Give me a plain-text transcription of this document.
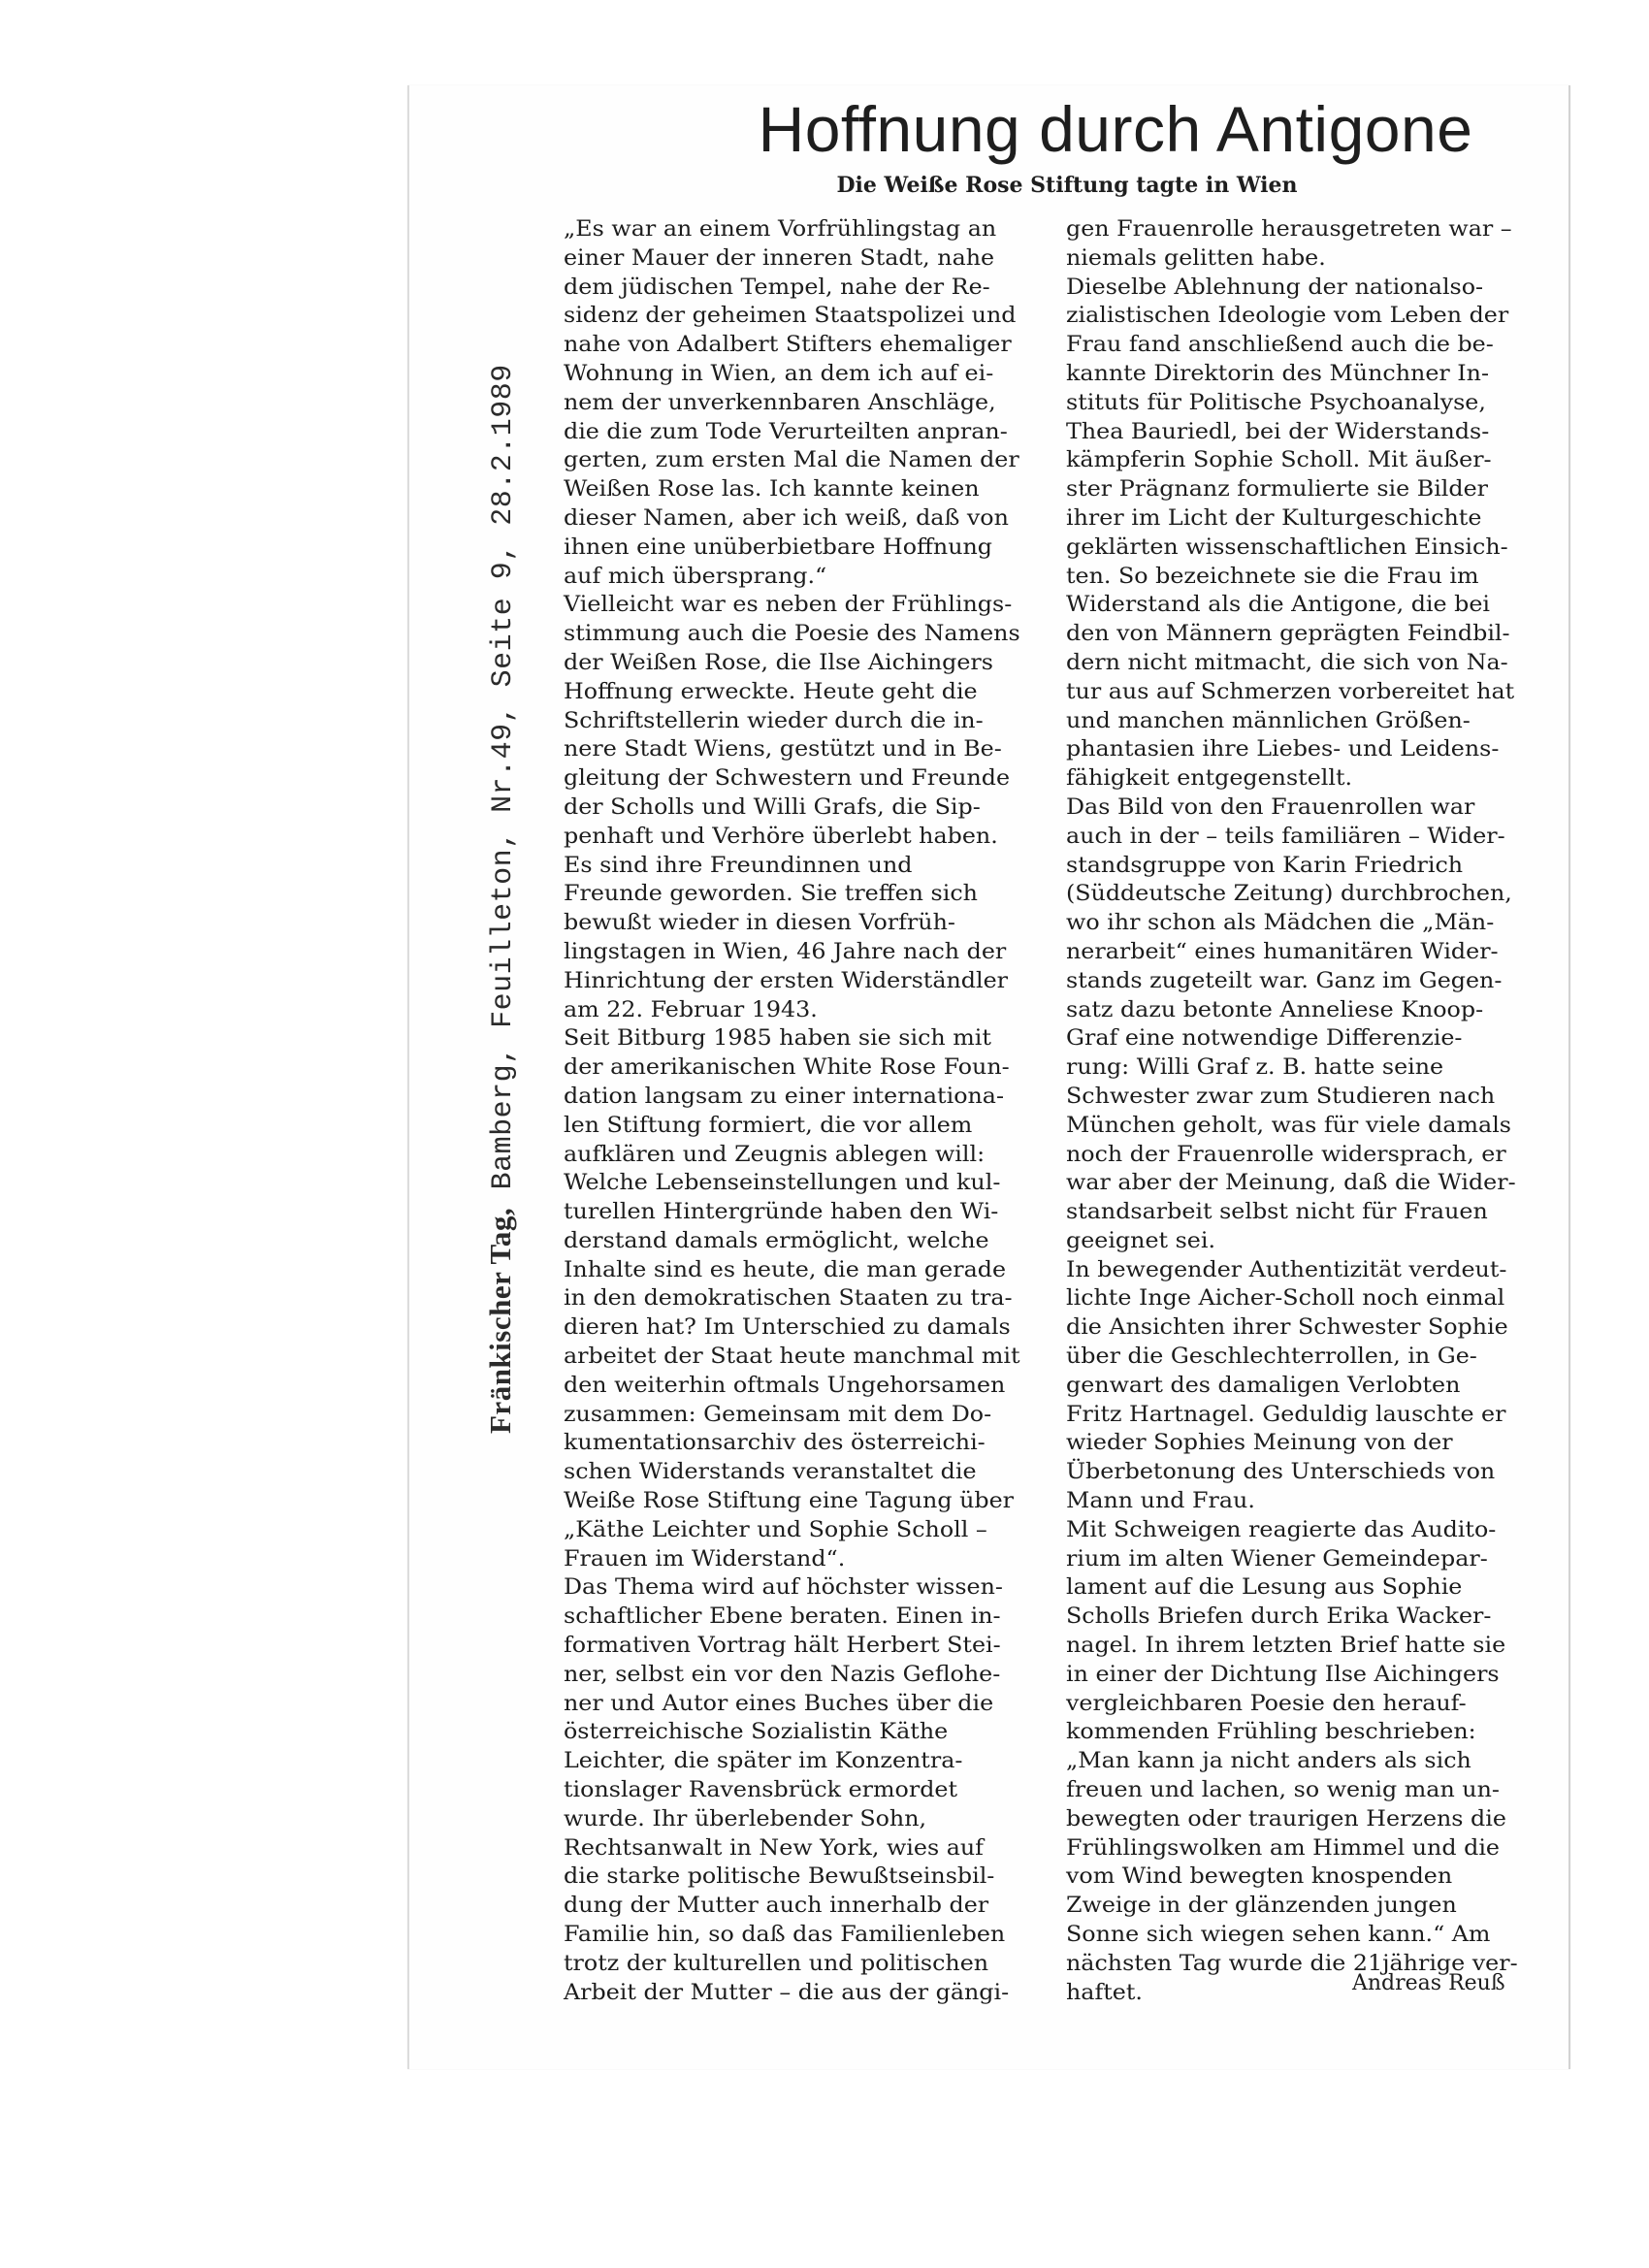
Fränkischer Tag, Bamberg, Feuilleton, Nr.49, Seite 9, 28.2.1989
Hoffnung durch Antigone
Die Weiße Rose Stiftung tagte in Wien
„Es war an einem Vorfrühlingstag an
einer Mauer der inneren Stadt, nahe
dem jüdischen Tempel, nahe der Re-
sidenz der geheimen Staatspolizei und
nahe von Adalbert Stifters ehemaliger
Wohnung in Wien, an dem ich auf ei-
nem der unverkennbaren Anschläge,
die die zum Tode Verurteilten anpran-
gerten, zum ersten Mal die Namen der
Weißen Rose las. Ich kannte keinen
dieser Namen, aber ich weiß, daß von
ihnen eine unüberbietbare Hoffnung
auf mich übersprang.“
Vielleicht war es neben der Frühlings-
stimmung auch die Poesie des Namens
der Weißen Rose, die Ilse Aichingers
Hoffnung erweckte. Heute geht die
Schriftstellerin wieder durch die in-
nere Stadt Wiens, gestützt und in Be-
gleitung der Schwestern und Freunde
der Scholls und Willi Grafs, die Sip-
penhaft und Verhöre überlebt haben.
Es sind ihre Freundinnen und
Freunde geworden. Sie treffen sich
bewußt wieder in diesen Vorfrüh-
lingstagen in Wien, 46 Jahre nach der
Hinrichtung der ersten Widerständler
am 22. Februar 1943.
Seit Bitburg 1985 haben sie sich mit
der amerikanischen White Rose Foun-
dation langsam zu einer internationa-
len Stiftung formiert, die vor allem
aufklären und Zeugnis ablegen will:
Welche Lebenseinstellungen und kul-
turellen Hintergründe haben den Wi-
derstand damals ermöglicht, welche
Inhalte sind es heute, die man gerade
in den demokratischen Staaten zu tra-
dieren hat? Im Unterschied zu damals
arbeitet der Staat heute manchmal mit
den weiterhin oftmals Ungehorsamen
zusammen: Gemeinsam mit dem Do-
kumentationsarchiv des österreichi-
schen Widerstands veranstaltet die
Weiße Rose Stiftung eine Tagung über
„Käthe Leichter und Sophie Scholl –
Frauen im Widerstand“.
Das Thema wird auf höchster wissen-
schaftlicher Ebene beraten. Einen in-
formativen Vortrag hält Herbert Stei-
ner, selbst ein vor den Nazis Geflohe-
ner und Autor eines Buches über die
österreichische Sozialistin Käthe
Leichter, die später im Konzentra-
tionslager Ravensbrück ermordet
wurde. Ihr überlebender Sohn,
Rechtsanwalt in New York, wies auf
die starke politische Bewußtseinsbil-
dung der Mutter auch innerhalb der
Familie hin, so daß das Familienleben
trotz der kulturellen und politischen
Arbeit der Mutter – die aus der gängi-
gen Frauenrolle herausgetreten war –
niemals gelitten habe.
Dieselbe Ablehnung der nationalso-
zialistischen Ideologie vom Leben der
Frau fand anschließend auch die be-
kannte Direktorin des Münchner In-
stituts für Politische Psychoanalyse,
Thea Bauriedl, bei der Widerstands-
kämpferin Sophie Scholl. Mit äußer-
ster Prägnanz formulierte sie Bilder
ihrer im Licht der Kulturgeschichte
geklärten wissenschaftlichen Einsich-
ten. So bezeichnete sie die Frau im
Widerstand als die Antigone, die bei
den von Männern geprägten Feindbil-
dern nicht mitmacht, die sich von Na-
tur aus auf Schmerzen vorbereitet hat
und manchen männlichen Größen-
phantasien ihre Liebes- und Leidens-
fähigkeit entgegenstellt.
Das Bild von den Frauenrollen war
auch in der – teils familiären – Wider-
standsgruppe von Karin Friedrich
(Süddeutsche Zeitung) durchbrochen,
wo ihr schon als Mädchen die „Män-
nerarbeit“ eines humanitären Wider-
stands zugeteilt war. Ganz im Gegen-
satz dazu betonte Anneliese Knoop-
Graf eine notwendige Differenzie-
rung: Willi Graf z. B. hatte seine
Schwester zwar zum Studieren nach
München geholt, was für viele damals
noch der Frauenrolle widersprach, er
war aber der Meinung, daß die Wider-
standsarbeit selbst nicht für Frauen
geeignet sei.
In bewegender Authentizität verdeut-
lichte Inge Aicher-Scholl noch einmal
die Ansichten ihrer Schwester Sophie
über die Geschlechterrollen, in Ge-
genwart des damaligen Verlobten
Fritz Hartnagel. Geduldig lauschte er
wieder Sophies Meinung von der
Überbetonung des Unterschieds von
Mann und Frau.
Mit Schweigen reagierte das Audito-
rium im alten Wiener Gemeindepar-
lament auf die Lesung aus Sophie
Scholls Briefen durch Erika Wacker-
nagel. In ihrem letzten Brief hatte sie
in einer der Dichtung Ilse Aichingers
vergleichbaren Poesie den herauf-
kommenden Frühling beschrieben:
„Man kann ja nicht anders als sich
freuen und lachen, so wenig man un-
bewegten oder traurigen Herzens die
Frühlingswolken am Himmel und die
vom Wind bewegten knospenden
Zweige in der glänzenden jungen
Sonne sich wiegen sehen kann.“ Am
nächsten Tag wurde die 21jährige ver-
haftet.	Andreas Reuß
